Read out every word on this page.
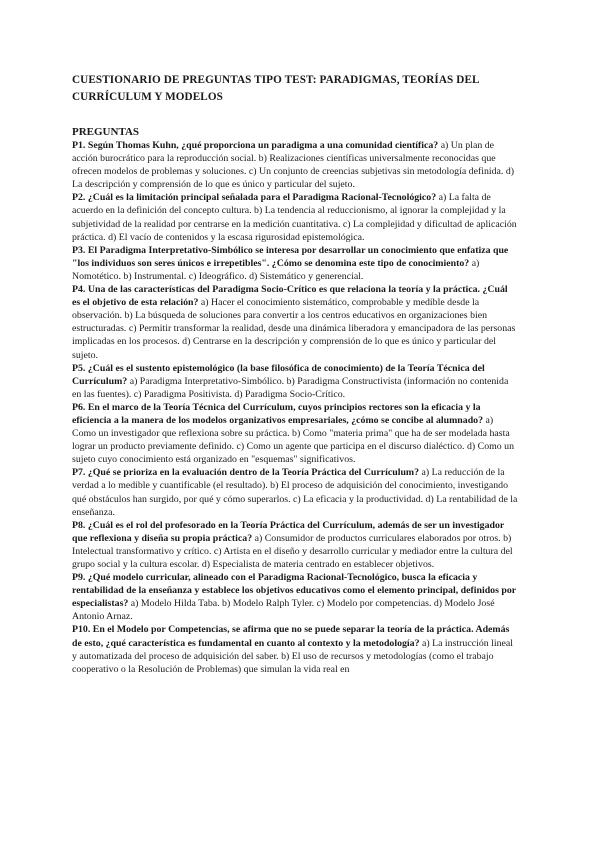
CUESTIONARIO DE PREGUNTAS TIPO TEST: PARADIGMAS, TEORÍAS DEL CURRÍCULUM Y MODELOS
PREGUNTAS

P1. Según Thomas Kuhn, ¿qué proporciona un paradigma a una comunidad científica? a) Un plan de acción burocrático para la reproducción social. b) Realizaciones científicas universalmente reconocidas que ofrecen modelos de problemas y soluciones. c) Un conjunto de creencias subjetivas sin metodología definida. d) La descripción y comprensión de lo que es único y particular del sujeto.

P2. ¿Cuál es la limitación principal señalada para el Paradigma Racional-Tecnológico? a) La falta de acuerdo en la definición del concepto cultura. b) La tendencia al reduccionismo, al ignorar la complejidad y la subjetividad de la realidad por centrarse en la medición cuantitativa. c) La complejidad y dificultad de aplicación práctica. d) El vacío de contenidos y la escasa rigurosidad epistemológica.

P3. El Paradigma Interpretativo-Simbólico se interesa por desarrollar un conocimiento que enfatiza que "los individuos son seres únicos e irrepetibles". ¿Cómo se denomina este tipo de conocimiento? a) Nomotético. b) Instrumental. c) Ideográfico. d) Sistemático y generencial.

P4. Una de las características del Paradigma Socio-Crítico es que relaciona la teoría y la práctica. ¿Cuál es el objetivo de esta relación? a) Hacer el conocimiento sistemático, comprobable y medible desde la observación. b) La búsqueda de soluciones para convertir a los centros educativos en organizaciones bien estructuradas. c) Permitir transformar la realidad, desde una dinámica liberadora y emancipadora de las personas implicadas en los procesos. d) Centrarse en la descripción y comprensión de lo que es único y particular del sujeto.

P5. ¿Cuál es el sustento epistemológico (la base filosófica de conocimiento) de la Teoría Técnica del Currículum? a) Paradigma Interpretativo-Simbólico. b) Paradigma Constructivista (información no contenida en las fuentes). c) Paradigma Positivista. d) Paradigma Socio-Crítico.

P6. En el marco de la Teoría Técnica del Currículum, cuyos principios rectores son la eficacia y la eficiencia a la manera de los modelos organizativos empresariales, ¿cómo se concibe al alumnado? a) Como un investigador que reflexiona sobre su práctica. b) Como "materia prima" que ha de ser modelada hasta lograr un producto previamente definido. c) Como un agente que participa en el discurso dialéctico. d) Como un sujeto cuyo conocimiento está organizado en "esquemas" significativos.

P7. ¿Qué se prioriza en la evaluación dentro de la Teoría Práctica del Currículum? a) La reducción de la verdad a lo medible y cuantificable (el resultado). b) El proceso de adquisición del conocimiento, investigando qué obstáculos han surgido, por qué y cómo superarlos. c) La eficacia y la productividad. d) La rentabilidad de la enseñanza.

P8. ¿Cuál es el rol del profesorado en la Teoría Práctica del Currículum, además de ser un investigador que reflexiona y diseña su propia práctica? a) Consumidor de productos curriculares elaborados por otros. b) Intelectual transformativo y crítico. c) Artista en el diseño y desarrollo curricular y mediador entre la cultura del grupo social y la cultura escolar. d) Especialista de materia centrado en establecer objetivos.

P9. ¿Qué modelo curricular, alineado con el Paradigma Racional-Tecnológico, busca la eficacia y rentabilidad de la enseñanza y establece los objetivos educativos como el elemento principal, definidos por especialistas? a) Modelo Hilda Taba. b) Modelo Ralph Tyler. c) Modelo por competencias. d) Modelo José Antonio Arnaz.

P10. En el Modelo por Competencias, se afirma que no se puede separar la teoría de la práctica. Además de esto, ¿qué característica es fundamental en cuanto al contexto y la metodología? a) La instrucción lineal y automatizada del proceso de adquisición del saber. b) El uso de recursos y metodologías (como el trabajo cooperativo o la Resolución de Problemas) que simulan la vida real en
